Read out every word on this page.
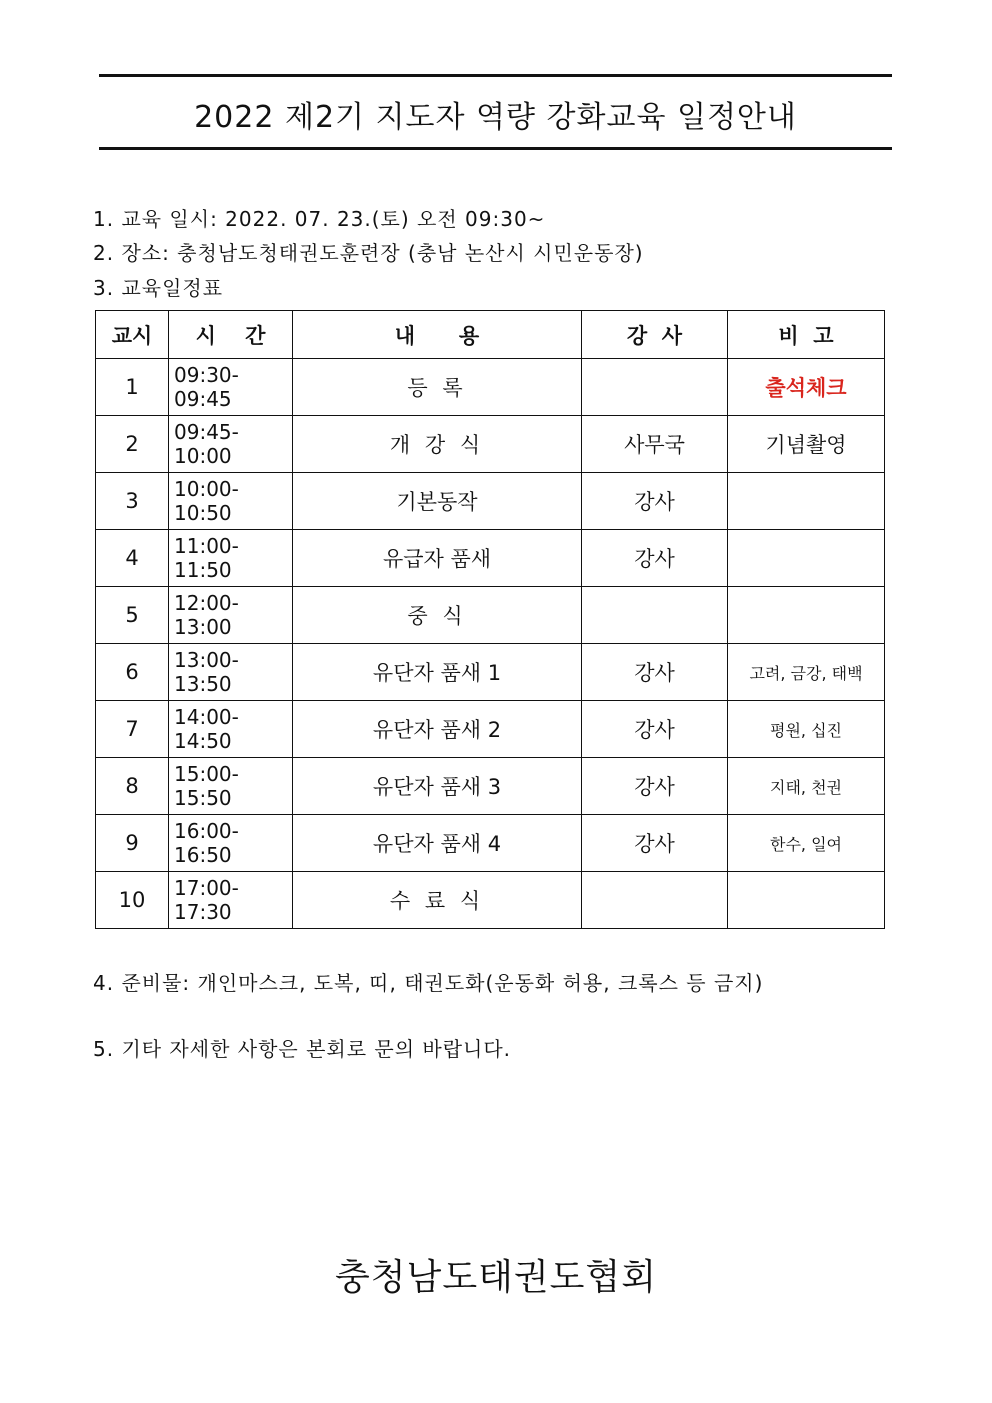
2022 제2기 지도자 역량 강화교육 일정안내
1. 교육 일시: 2022. 07. 23.(토) 오전 09:30~
2. 장소: 충청남도청태권도훈련장 (충남 논산시 시민운동장)
3. 교육일정표
교시	시    간	내      용	강  사	비  고
1	09:30-09:45	등 록		출석체크
2	09:45-10:00	개 강 식	사무국	기념촬영
3	10:00-10:50	기본동작	강사	
4	11:00-11:50	유급자 품새	강사	
5	12:00-13:00	중 식		
6	13:00-13:50	유단자 품새 1	강사	고려, 금강, 태백
7	14:00-14:50	유단자 품새 2	강사	평원, 십진
8	15:00-15:50	유단자 품새 3	강사	지태, 천권
9	16:00-16:50	유단자 품새 4	강사	한수, 일여
10	17:00-17:30	수 료 식		
4. 준비물: 개인마스크, 도복, 띠, 태권도화(운동화 허용, 크록스 등 금지)
5. 기타 자세한 사항은 본회로 문의 바랍니다.
충청남도태권도협회
